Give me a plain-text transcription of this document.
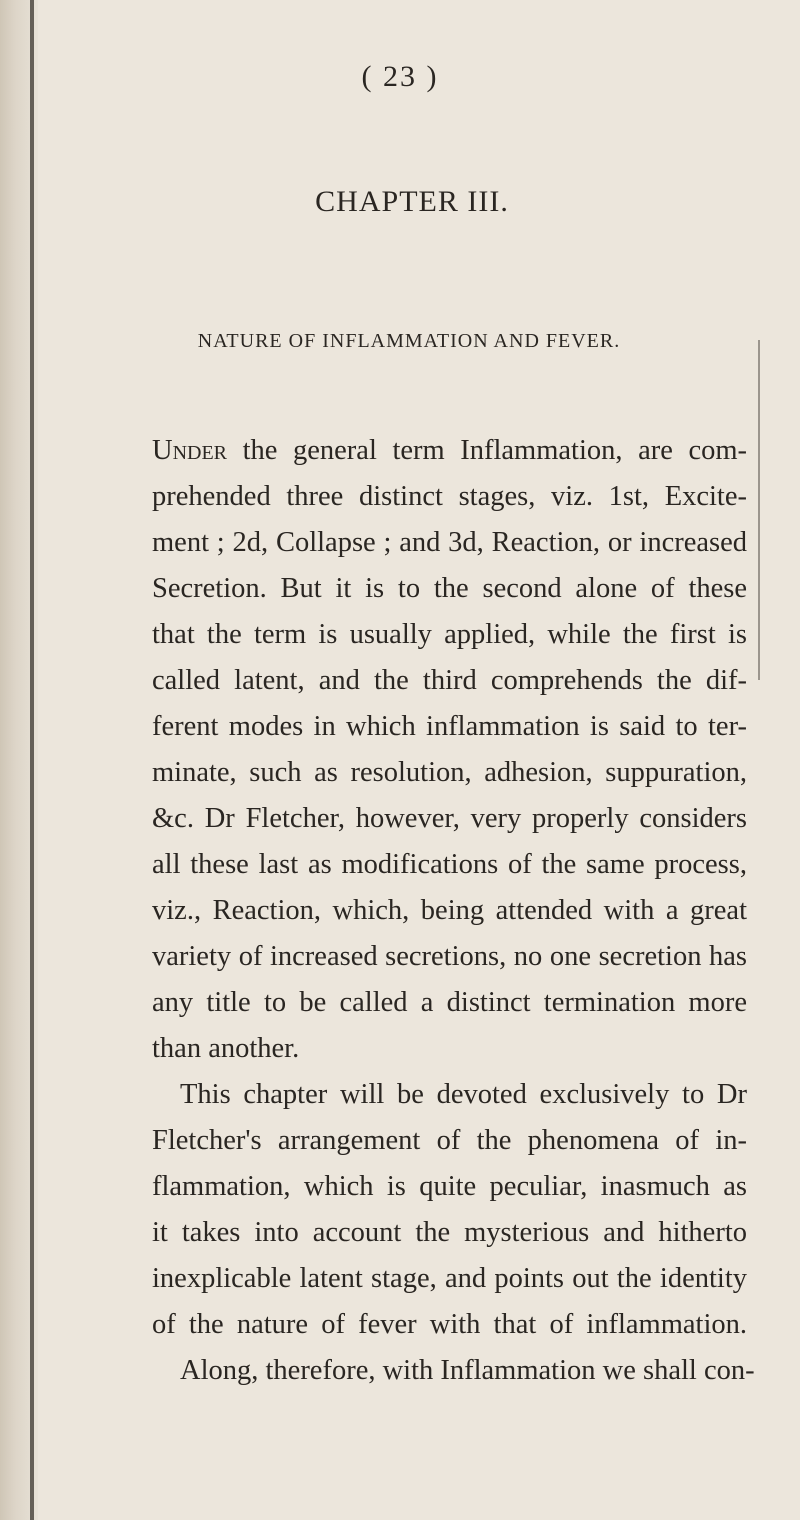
( 23 )
CHAPTER III.
NATURE OF INFLAMMATION AND FEVER.
Under the general term Inflammation, are com-
prehended three distinct stages, viz. 1st, Excite-
ment ; 2d, Collapse ; and 3d, Reaction, or increased
Secretion. But it is to the second alone of these
that the term is usually applied, while the first is
called latent, and the third comprehends the dif-
ferent modes in which inflammation is said to ter-
minate, such as resolution, adhesion, suppuration,
&c. Dr Fletcher, however, very properly considers
all these last as modifications of the same process,
viz., Reaction, which, being attended with a great
variety of increased secretions, no one secretion has
any title to be called a distinct termination more
than another.
This chapter will be devoted exclusively to Dr
Fletcher's arrangement of the phenomena of in-
flammation, which is quite peculiar, inasmuch as
it takes into account the mysterious and hitherto
inexplicable latent stage, and points out the identity
of the nature of fever with that of inflammation.
Along, therefore, with Inflammation we shall con-
